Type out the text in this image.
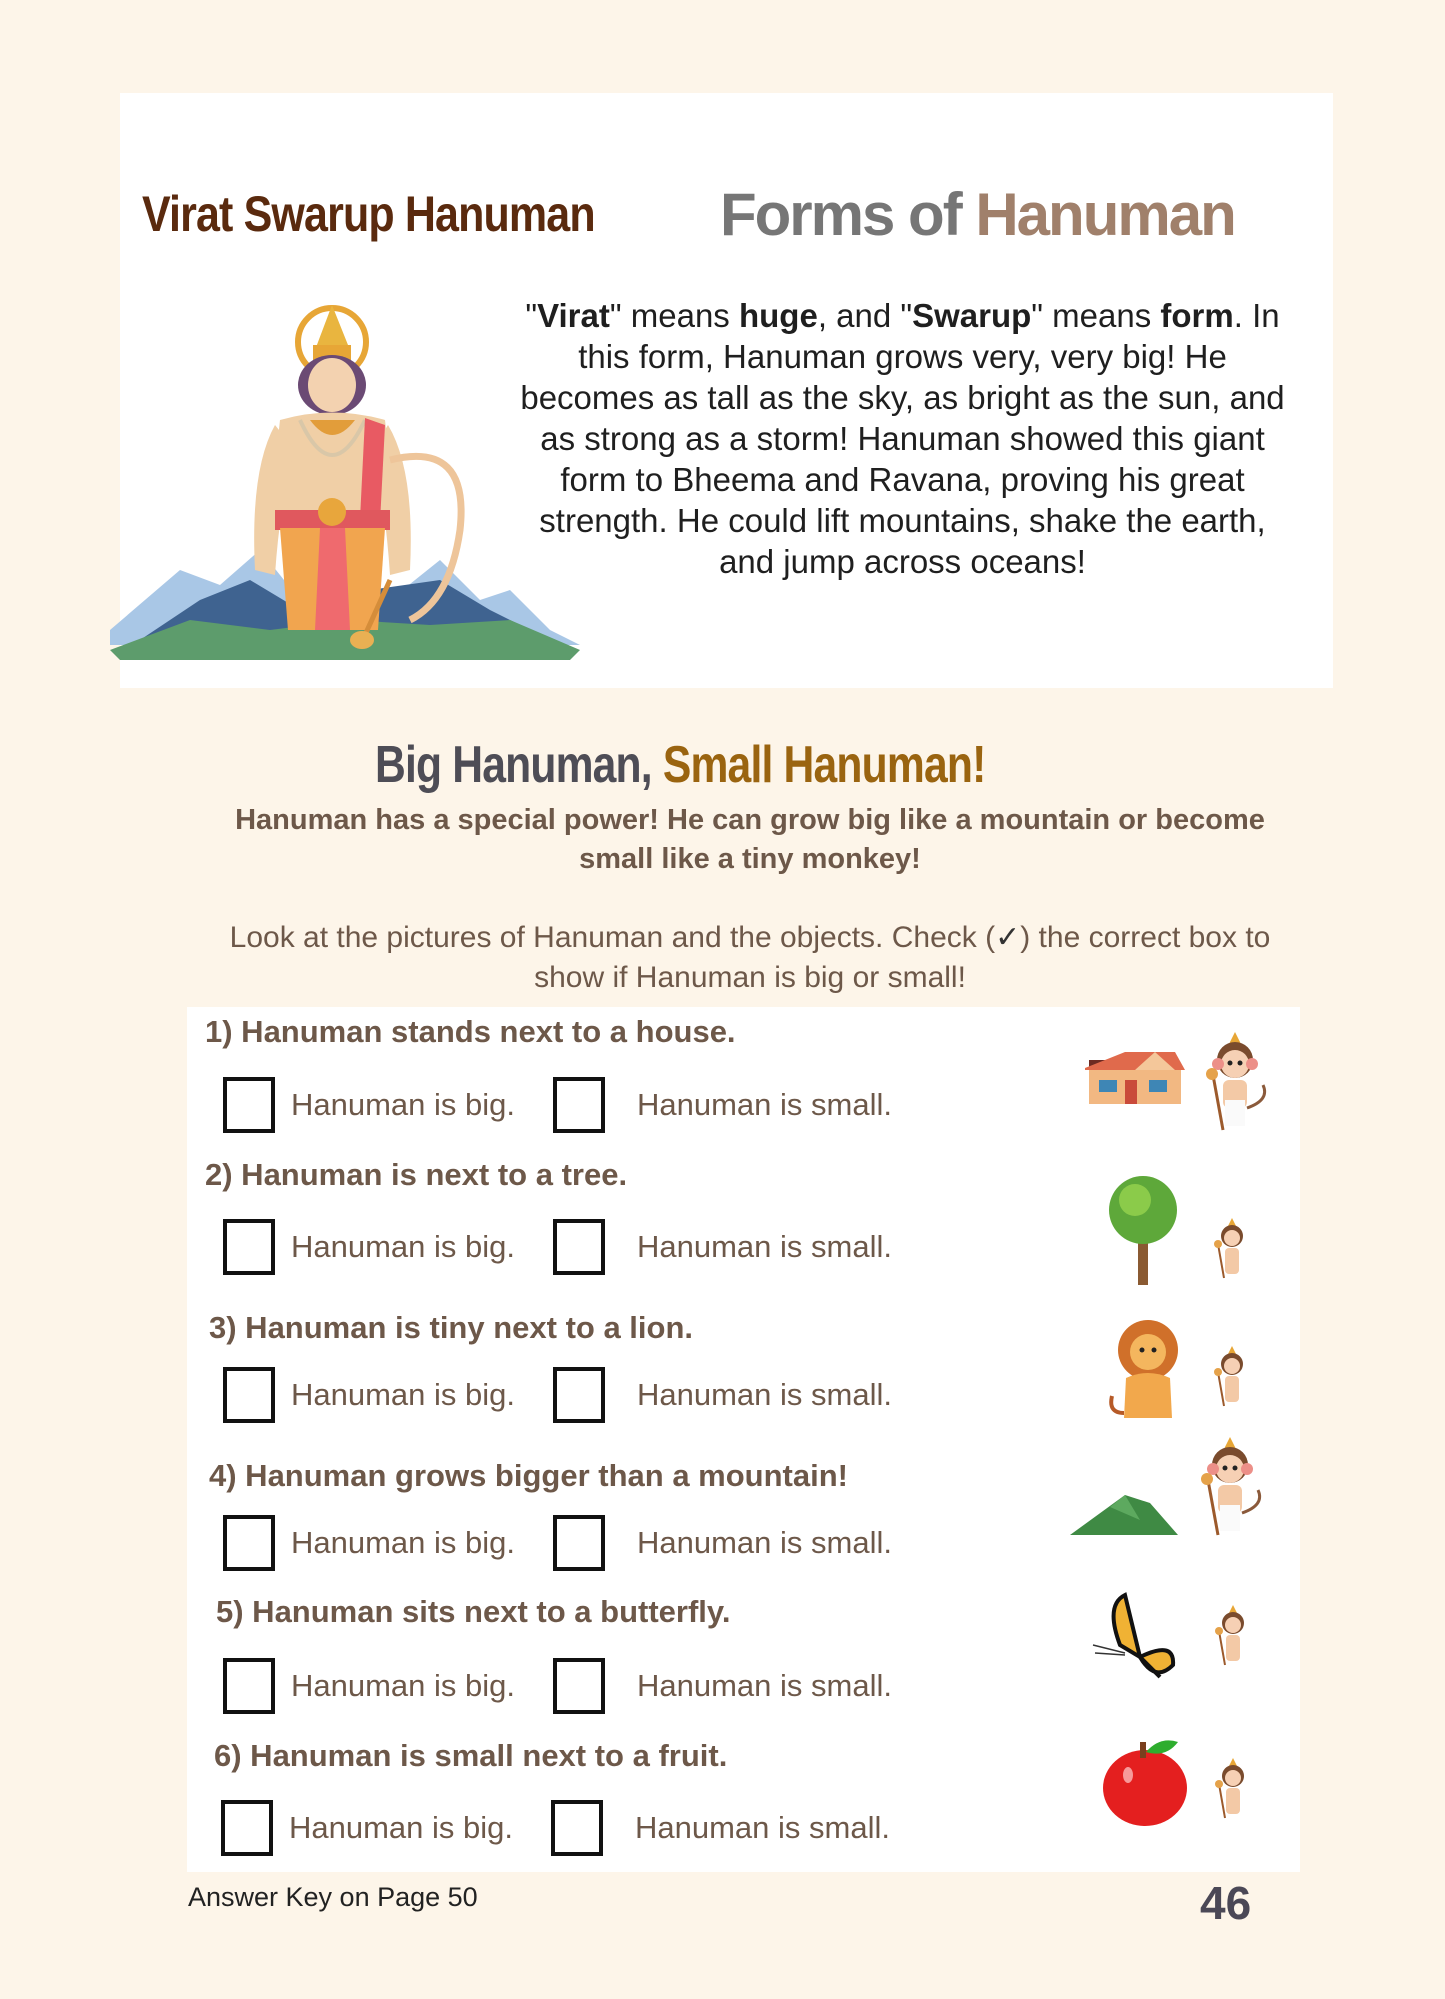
Virat Swarup Hanuman Forms of Hanuman
"Virat" means huge, and "Swarup" means form. In this form, Hanuman grows very, very big! He becomes as tall as the sky, as bright as the sun, and as strong as a storm! Hanuman showed this giant form to Bheema and Ravana, proving his great strength. He could lift mountains, shake the earth, and jump across oceans!
Big Hanuman, Small Hanuman!
Hanuman has a special power! He can grow big like a mountain or become small like a tiny monkey!
Look at the pictures of Hanuman and the objects. Check (✓) the correct box to show if Hanuman is big or small!
1) Hanuman stands next to a house.
Hanuman is big.	Hanuman is small.
2) Hanuman is next to a tree.
Hanuman is big.	Hanuman is small.
3) Hanuman is tiny next to a lion.
Hanuman is big.	Hanuman is small.
4) Hanuman grows bigger than a mountain!
Hanuman is big.	Hanuman is small.
5) Hanuman sits next to a butterfly.
Hanuman is big.	Hanuman is small.
6) Hanuman is small next to a fruit.
Hanuman is big.	Hanuman is small.
Answer Key on Page 50	46
